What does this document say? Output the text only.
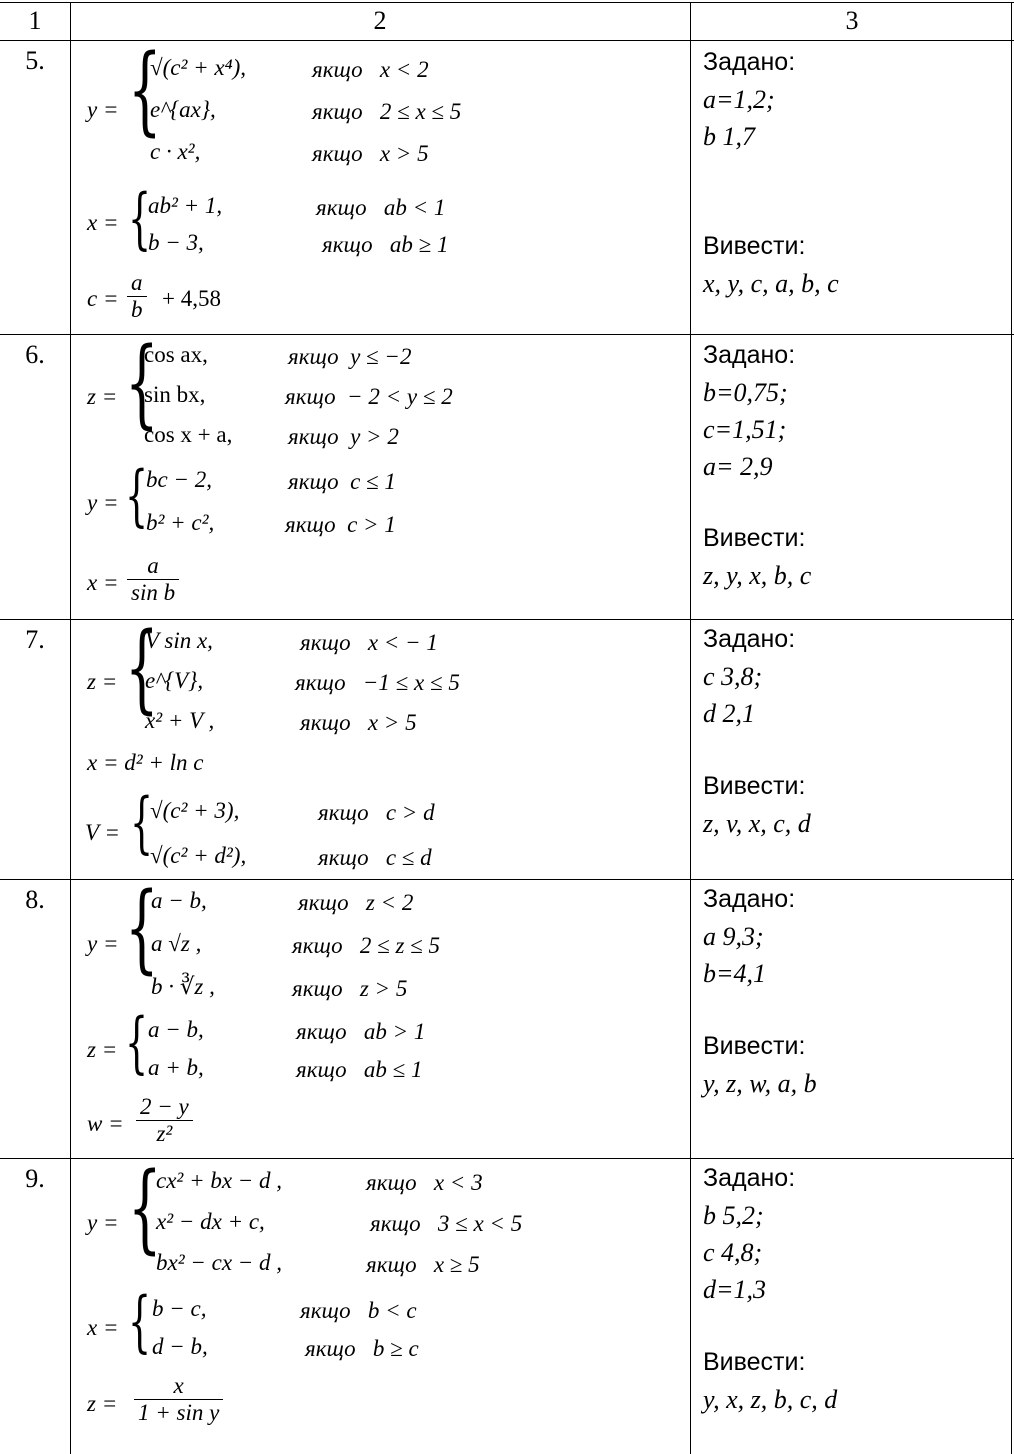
1	2	3
5.
y = {
√(c² + x⁴),
e^{ax},
c · x²,
якщо x < 2
якщо 2 ≤ x ≤ 5
якщо x > 5
x = {
ab² + 1,
b − 3,
якщо ab < 1
якщо ab ≥ 1
$c = \frac{a}{b} + 4,58$
Задано:
a=1,2;
b 1,7
Вивести:
x, y, c, a, b, c
6.
z = {
cos ax,
sin bx,
cos x + a,
якщо y ≤ −2
якщо − 2 < y ≤ 2
якщо y > 2
y = {
bc − 2,
b² + c²,
якщо c ≤ 1
якщо c > 1
$x = \frac{a}{\text{sin b}}$
Задано:
b=0,75;
c=1,51;
a= 2,9
Вивести:
z, y, x, b, c
7.
z = {
V sin x,
e^{V},
x² + V ,
якщо x < − 1
якщо −1 ≤ x ≤ 5
якщо x > 5
x = d² + ln c
V = {
√(c² + 3),
√(c² + d²),
якщо c > d
якщо c ≤ d
Задано:
c 3,8;
d 2,1
Вивести:
z, v, x, c, d
8.
y = {
a − b,
a √z ,
b · ∛z ,
якщо z < 2
якщо 2 ≤ z ≤ 5
якщо z > 5
z = { a − b,
a + b,
якщо ab > 1
якщо ab ≤ 1
$w = \frac{2 - y}{\text{z²}}$
Задано:
a 9,3;
b=4,1
Вивести:
y, z, w, a, b
9.
y = {
cx² + bx − d ,
x² − dx + c,
bx² − cx − d ,
якщо x < 3
якщо 3 ≤ x < 5
якщо x ≥ 5
x = { b − c,
d − b,
якщо b < c
якщо b ≥ c
$z = \frac{x}{\text{1 + sin y}}$
Задано:
b 5,2;
c 4,8;
d=1,3
Вивести:
y, x, z, b, c, d
